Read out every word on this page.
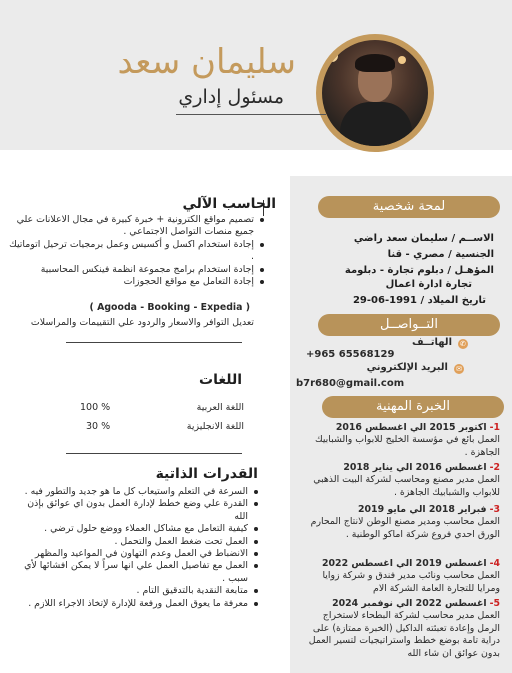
سليمان سعد
مسئول إداري
لمحة شخصية
الاســم / سليمان سعد راضي
الجنسية / مصري - قنا
المؤهـل / دبلوم تجارة - دبلومة
تجارة ادارة اعمال
تاريخ الميلاد / 1991-06-29
التــواصــل
✆
الهاتــف
+965 65568129
✉
البريد الإلكتروني
b7r680@gmail.com
الخبرة المهنية
1- اكتوبر 2015 الي اغسطس 2016
العمل بائع في مؤسسة الخليج للابواب والشبابيك الجاهزة .
2- اغسطس 2016 الي يناير 2018
العمل مدير مصنع ومحاسب لشركة البيت الذهبي للابواب والشبابيك الجاهزة .
3- فبراير 2018 الي مايو 2019
العمل محاسب ومدير مصنع الوطن لانتاج المحارم الورق احدي فروع شركة اماكو الوطنية .
4- اغسطس 2019 الي اغسطس 2022
العمل محاسب ونائب مدير فندق و شركة زوايا ومرايا للتجارة العامة الشركة الام
5- اغسطس 2022 الي نوفمبر 2024
العمل مدير محاسب لشركة البطحاء لاستخراج الرمل وإعادة تعبئته الداكيل (الخبرة ممتازة) على دراية تامة بوضع خطط واستراتيجيات لتسير العمل بدون عوائق ان شاء الله
الحاسب الآلي
تصميم مواقع الكترونية + خبرة كبيرة في مجال الاعلانات علي جميع منصات التواصل الاجتماعي .
إجادة استخدام اكسل و أكسيس وعمل برمجيات ترحيل اتوماتيك .
إجادة استخدام برامج مجموعة انظمة فينكس المحاسبية
إجادة التعامل مع مواقع الحجوزات
( Agooda - Booking - Expedia )
تعديل التوافر والاسعار والردود علي التقييمات والمراسلات
اللغات
اللغة العربية
100 %
اللغة الانجليزية
30 %
القدرات الذاتية
السرعة في التعلم واستيعاب كل ما هو جديد والتطور فيه .
القدرة علي وضع خطط لإدارة العمل بدون اي عوائق بإذن الله
كيفية التعامل مع مشاكل العملاء ووضع حلول ترضي .
العمل تحت ضغط العمل والتحمل .
الانضباط في العمل وعدم التهاون في المواعيد والمظهر
العمل مع تفاصيل العمل علي انها سراً لا يمكن افشائها لأي سبب .
متابعة النقدية بالتدقيق التام .
معرفة ما يعوق العمل ورفعة للإدارة لإتخاذ الاجراء اللازم .
